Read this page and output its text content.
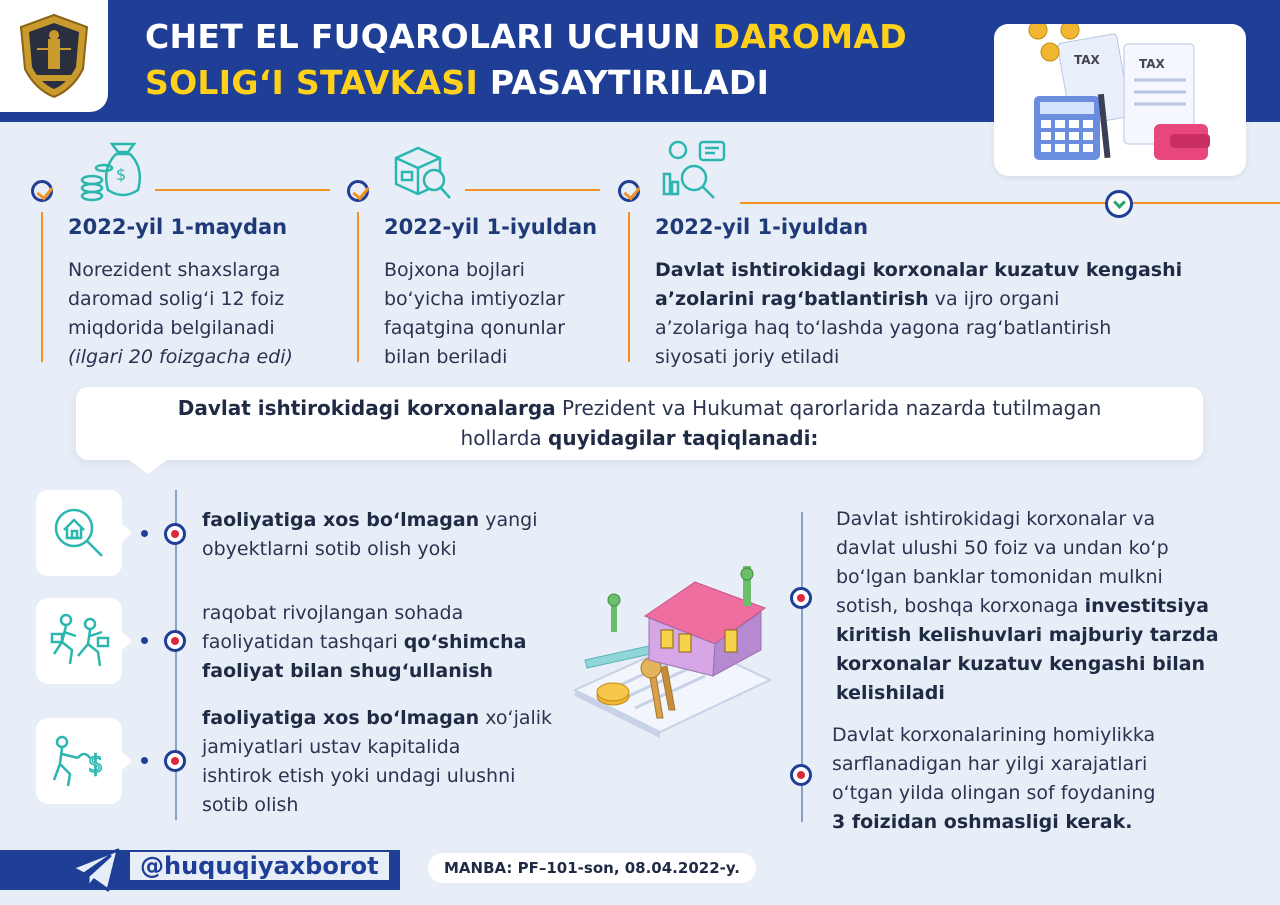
CHET EL FUQAROLARI UCHUN DAROMAD
SOLIG‘I STAVKASI PASAYTIRILADI	TAX
TAX
$
2022-yil 1-maydan
Norezident shaxslarga
daromad solig‘i 12 foiz
miqdorida belgilanadi
(ilgari 20 foizgacha edi)
2022-yil 1-iyuldan
Bojxona bojlari
bo‘yicha imtiyozlar
faqatgina qonunlar
bilan beriladi
2022-yil 1-iyuldan
Davlat ishtirokidagi korxonalar kuzatuv kengashi
a’zolarini rag‘batlantirish va ijro organi
a’zolariga haq to‘lashda yagona rag‘batlantirish
siyosati joriy etiladi
Davlat ishtirokidagi korxonalarga Prezident va Hukumat qarorlarida nazarda tutilmagan
hollarda quyidagilar taqiqlanadi:
faoliyatiga xos bo‘lmagan yangi
obyektlarni sotib olish yoki
raqobat rivojlangan sohada
faoliyatidan tashqari qo‘shimcha
faoliyat bilan shug‘ullanish
$
faoliyatiga xos bo‘lmagan xo‘jalik
jamiyatlari ustav kapitalida
ishtirok etish yoki undagi ulushni
sotib olish
Davlat ishtirokidagi korxonalar va
davlat ulushi 50 foiz va undan ko‘p
bo‘lgan banklar tomonidan mulkni
sotish, boshqa korxonaga investitsiya
kiritish kelishuvlari majburiy tarzda
korxonalar kuzatuv kengashi bilan
kelishiladi
Davlat korxonalarining homiylikka
sarflanadigan har yilgi xarajatlari
o‘tgan yilda olingan sof foydaning
3 foizidan oshmasligi kerak.
@huquqiyaxborot	MANBA: PF–101-son, 08.04.2022-y.
